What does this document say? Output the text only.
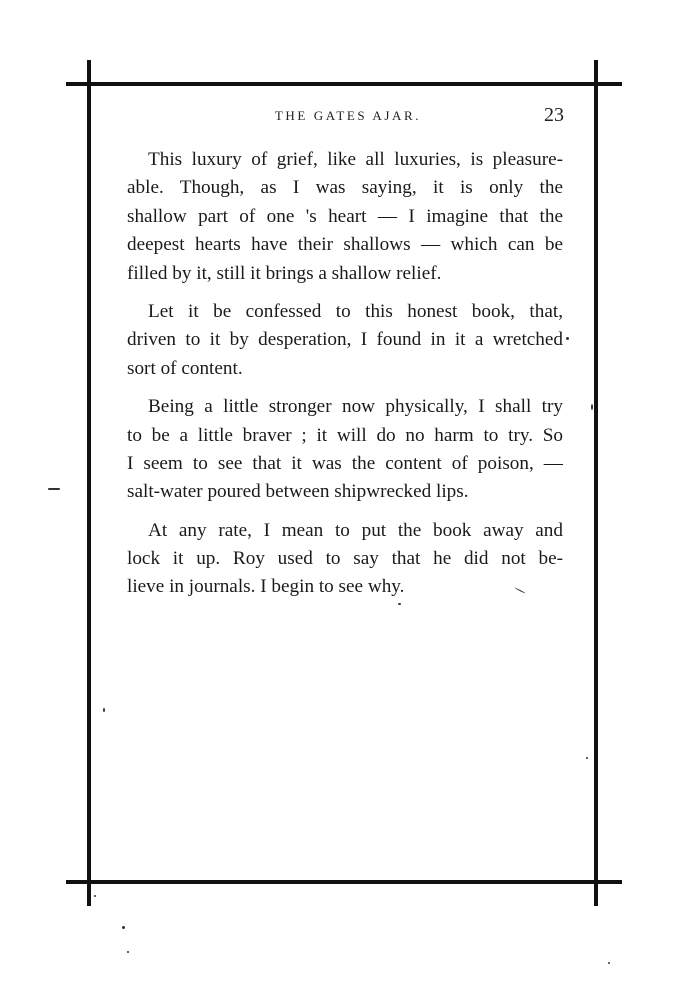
THE GATES AJAR.	23
This luxury of grief, like all luxuries, is pleasure-
able. Though, as I was saying, it is only the
shallow part of one 's heart — I imagine that the
deepest hearts have their shallows — which can be
filled by it, still it brings a shallow relief.
Let it be confessed to this honest book, that,
driven to it by desperation, I found in it a wretched
sort of content.
Being a little stronger now physically, I shall try
to be a little braver ; it will do no harm to try. So
I seem to see that it was the content of poison, —
salt-water poured between shipwrecked lips.
At any rate, I mean to put the book away and
lock it up. Roy used to say that he did not be-
lieve in journals. I begin to see why.
